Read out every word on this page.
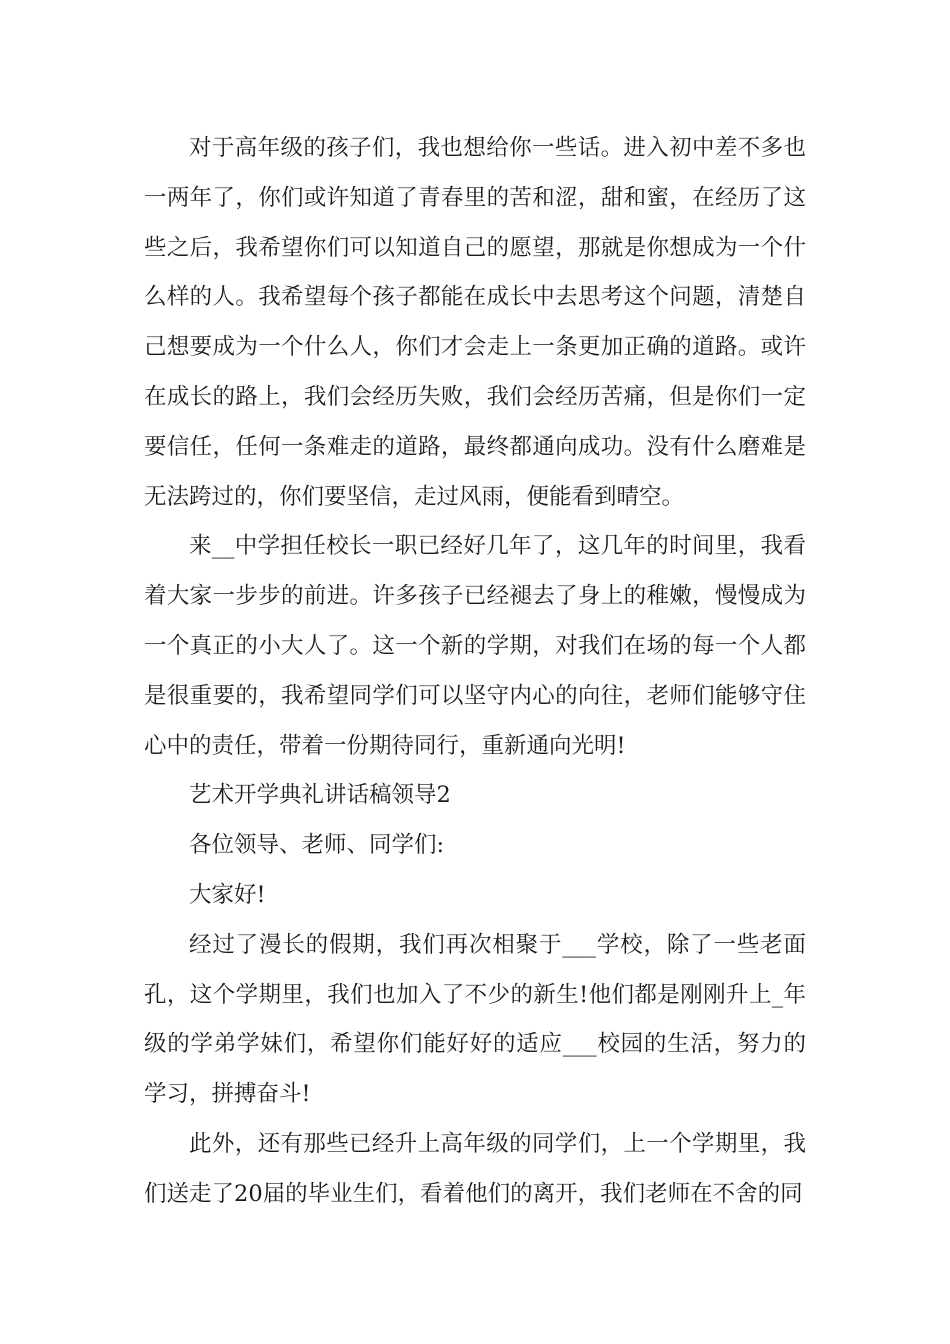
对于高年级的孩子们，我也想给你一些话。进入初中差不多也一两年了，你们或许知道了青春里的苦和涩，甜和蜜，在经历了这些之后，我希望你们可以知道自己的愿望，那就是你想成为一个什么样的人。我希望每个孩子都能在成长中去思考这个问题，清楚自己想要成为一个什么人，你们才会走上一条更加正确的道路。或许在成长的路上，我们会经历失败，我们会经历苦痛，但是你们一定要信任，任何一条难走的道路，最终都通向成功。没有什么磨难是无法跨过的，你们要坚信，走过风雨，便能看到晴空。

来__中学担任校长一职已经好几年了，这几年的时间里，我看着大家一步步的前进。许多孩子已经褪去了身上的稚嫩，慢慢成为一个真正的小大人了。这一个新的学期，对我们在场的每一个人都是很重要的，我希望同学们可以坚守内心的向往，老师们能够守住心中的责任，带着一份期待同行，重新通向光明!

艺术开学典礼讲话稿领导2

各位领导、老师、同学们:

大家好!

经过了漫长的假期，我们再次相聚于___学校，除了一些老面孔，这个学期里，我们也加入了不少的新生!他们都是刚刚升上_年级的学弟学妹们，希望你们能好好的适应___校园的生活，努力的学习，拼搏奋斗!

此外，还有那些已经升上高年级的同学们，上一个学期里，我们送走了20届的毕业生们，看着他们的离开，我们老师在不舍的同
